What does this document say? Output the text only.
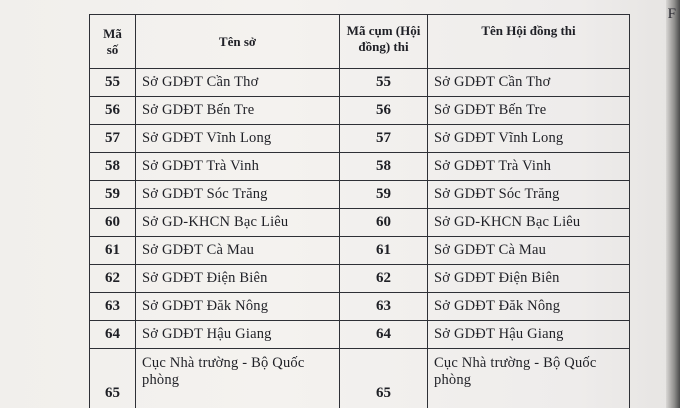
F
Mã số	Tên sở	Mã cụm (Hội đồng) thi	Tên Hội đồng thi
55	Sở GDĐT Cần Thơ	55	Sở GDĐT Cần Thơ
56	Sở GDĐT Bến Tre	56	Sở GDĐT Bến Tre
57	Sở GDĐT Vĩnh Long	57	Sở GDĐT Vĩnh Long
58	Sở GDĐT Trà Vinh	58	Sở GDĐT Trà Vinh
59	Sở GDĐT Sóc Trăng	59	Sở GDĐT Sóc Trăng
60	Sở GD-KHCN Bạc Liêu	60	Sở GD-KHCN Bạc Liêu
61	Sở GDĐT Cà Mau	61	Sở GDĐT Cà Mau
62	Sở GDĐT Điện Biên	62	Sở GDĐT Điện Biên
63	Sở GDĐT Đăk Nông	63	Sở GDĐT Đăk Nông
64	Sở GDĐT Hậu Giang	64	Sở GDĐT Hậu Giang
65	Cục Nhà trường - Bộ Quốc phòng	65	Cục Nhà trường - Bộ Quốc phòng
